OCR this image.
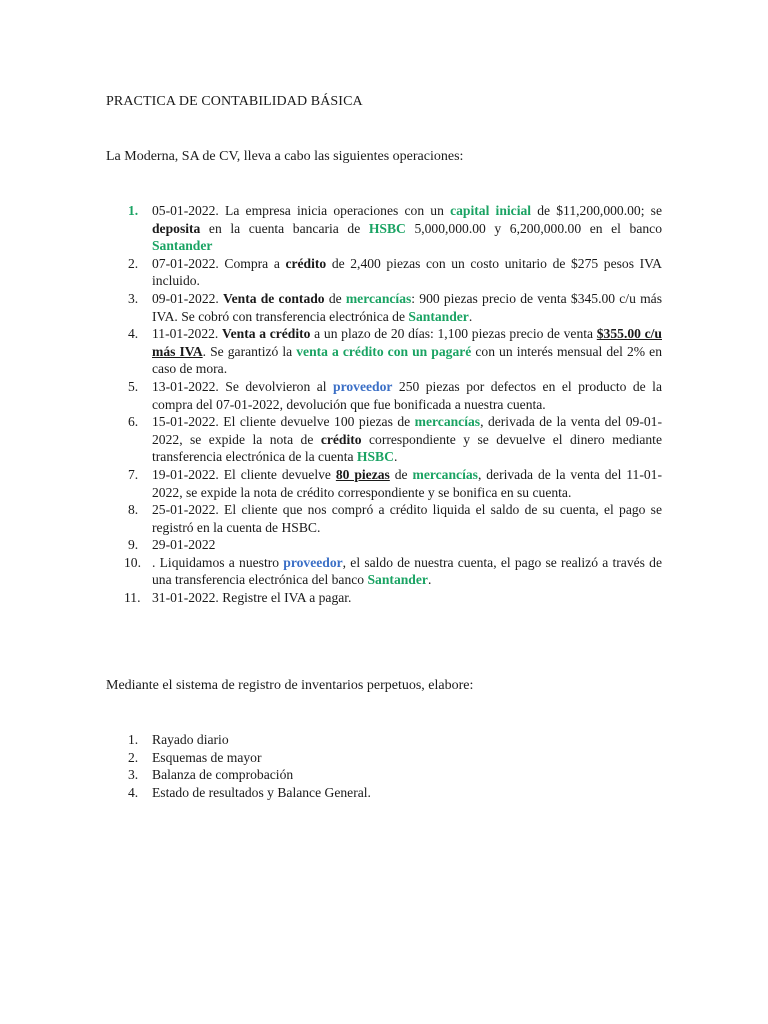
PRACTICA DE CONTABILIDAD BÁSICA
La Moderna, SA de CV, lleva a cabo las siguientes operaciones:
1.	05-01-2022. La empresa inicia operaciones con un capital inicial de $11,200,000.00; se deposita en la cuenta bancaria de HSBC 5,000,000.00 y 6,200,000.00 en el banco Santander
2.	07-01-2022. Compra a crédito de 2,400 piezas con un costo unitario de $275 pesos IVA incluido.
3.	09-01-2022. Venta de contado de mercancías: 900 piezas precio de venta $345.00 c/u más IVA. Se cobró con transferencia electrónica de Santander.
4.	11-01-2022. Venta a crédito a un plazo de 20 días: 1,100 piezas precio de venta $355.00 c/u más IVA. Se garantizó la venta a crédito con un pagaré con un interés mensual del 2% en caso de mora.
5.	13-01-2022. Se devolvieron al proveedor 250 piezas por defectos en el producto de la compra del 07-01-2022, devolución que fue bonificada a nuestra cuenta.
6.	15-01-2022. El cliente devuelve 100 piezas de mercancías, derivada de la venta del 09-01-2022, se expide la nota de crédito correspondiente y se devuelve el dinero mediante transferencia electrónica de la cuenta HSBC.
7.	19-01-2022. El cliente devuelve 80 piezas de mercancías, derivada de la venta del 11-01-2022, se expide la nota de crédito correspondiente y se bonifica en su cuenta.
8.	25-01-2022. El cliente que nos compró a crédito liquida el saldo de su cuenta, el pago se registró en la cuenta de HSBC.
9.	29-01-2022
10. . Liquidamos a nuestro proveedor, el saldo de nuestra cuenta, el pago se realizó a través de una transferencia electrónica del banco Santander.
11. 31-01-2022. Registre el IVA a pagar.
Mediante el sistema de registro de inventarios perpetuos, elabore:
1. Rayado diario
2. Esquemas de mayor
3. Balanza de comprobación
4. Estado de resultados y Balance General.
